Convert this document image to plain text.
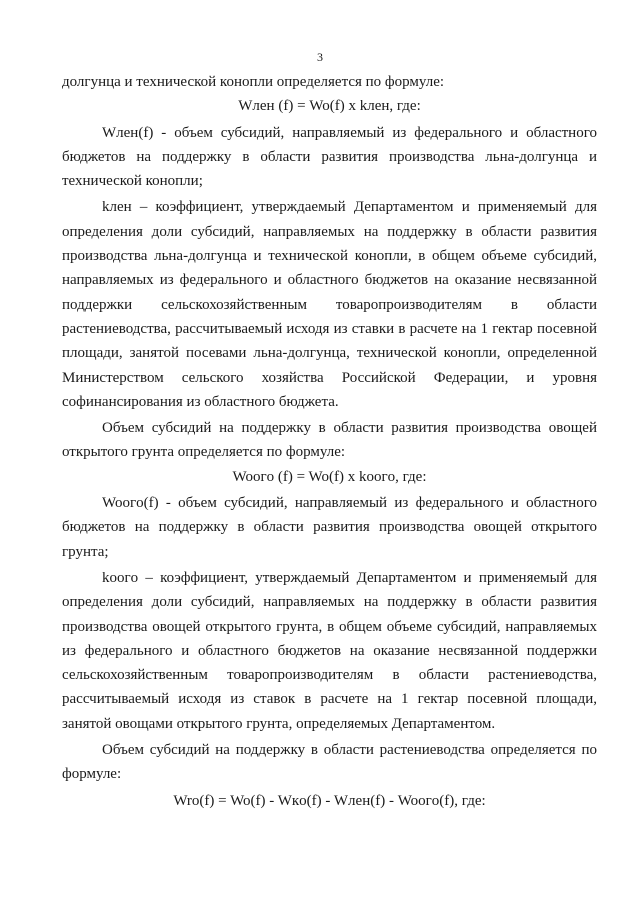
3

долгунца и технической конопли определяется по формуле:

Wлен (f) = Wo(f) x kлен, где:

Wлен(f) - объем субсидий, направляемый из федерального и областного бюджетов на поддержку в области развития производства льна-долгунца и технической конопли;

kлен – коэффициент, утверждаемый Департаментом и применяемый для определения доли субсидий, направляемых на поддержку в области развития производства льна-долгунца и технической конопли, в общем объеме субсидий, направляемых из федерального и областного бюджетов на оказание несвязанной поддержки сельскохозяйственным товаропроизводителям в области растениеводства, рассчитываемый исходя из ставки в расчете на 1 гектар посевной площади, занятой посевами льна-долгунца, технической конопли, определенной Министерством сельского хозяйства Российской Федерации, и уровня софинансирования из областного бюджета.

Объем субсидий на поддержку в области развития производства овощей открытого грунта определяется по формуле:

Wooгo (f) = Wo(f) x kooгo, где:

Wooгo(f) - объем субсидий, направляемый из федерального и областного бюджетов на поддержку в области развития производства овощей открытого грунта;

kooгo – коэффициент, утверждаемый Департаментом и применяемый для определения доли субсидий, направляемых на поддержку в области развития производства овощей открытого грунта, в общем объеме субсидий, направляемых из федерального и областного бюджетов на оказание несвязанной поддержки сельскохозяйственным товаропроизводителям в области растениеводства, рассчитываемый исходя из ставок в расчете на 1 гектар посевной площади, занятой овощами открытого грунта, определяемых Департаментом.

Объем субсидий на поддержку в области растениеводства определяется по формуле:

Wro(f) = Wo(f) - Wкo(f) - Wлен(f) - Wooгo(f), где:
